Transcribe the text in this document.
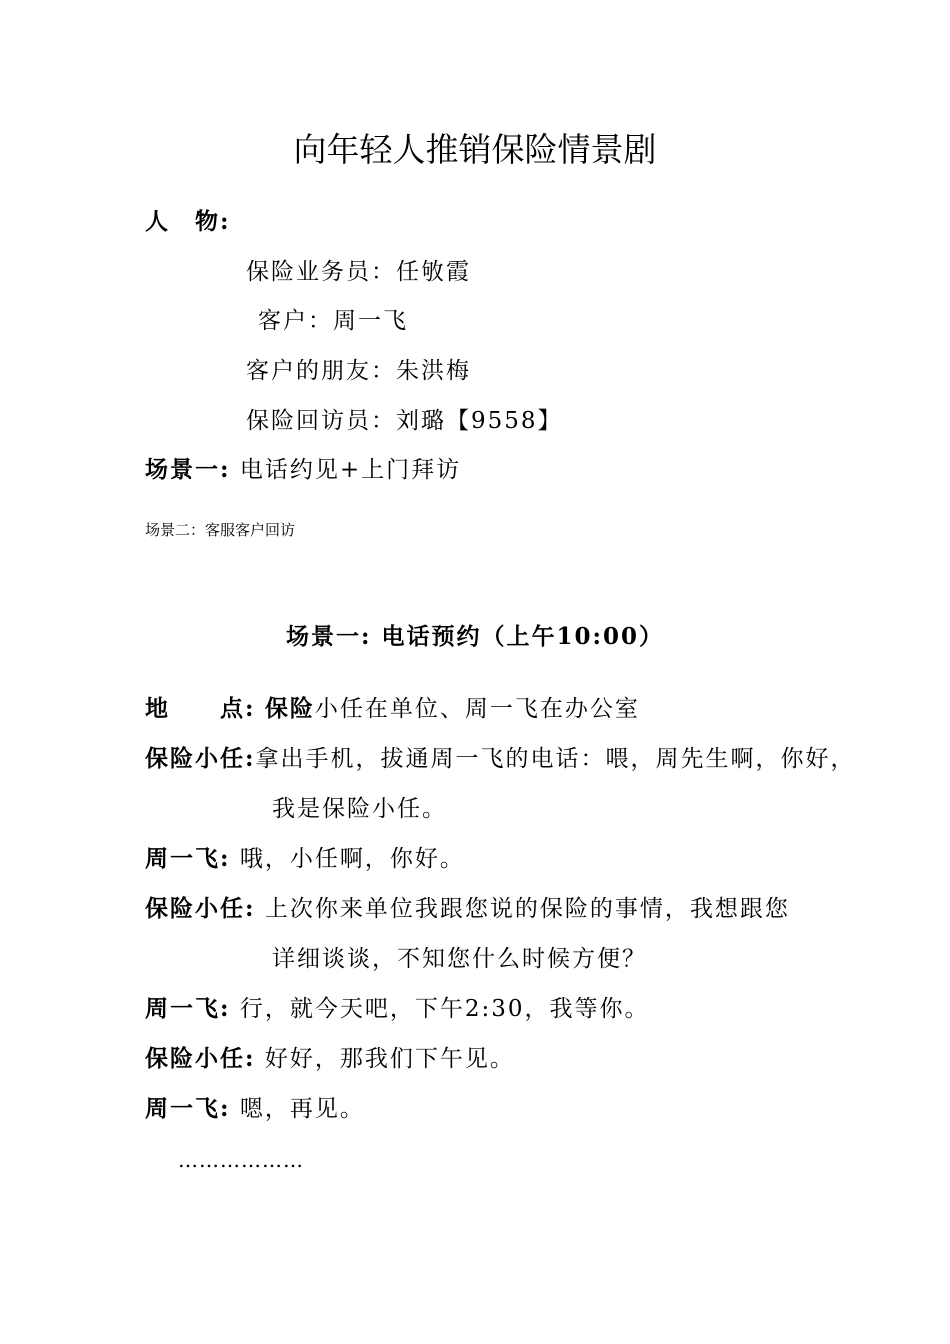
向年轻人推销保险情景剧
人　物:
保险业务员：任敂霞
客户：周一飞
客户的朋友：朱洪梅
保险回访员：刘璐【9558】
场景一: 电话约见+上门拜访
场景二：客服客户回访
场景一: 电话预约（上午10:00）
地　　点: 保险小任在单位、周一飞在办公室
保险小任:拿出手机，拔通周一飞的电话：喂，周先生啊，你好，
我是保险小任。
周一飞: 哦，小任啊，你好。
保险小任: 上次你来单位我跟您说的保险的事情，我想跟您
详细谈谈，不知您什么时候方便？
周一飞: 行，就今天吧，下午2:30，我等你。
保险小任: 好好，那我们下午见。
周一飞: 嗯，再见。
………………
